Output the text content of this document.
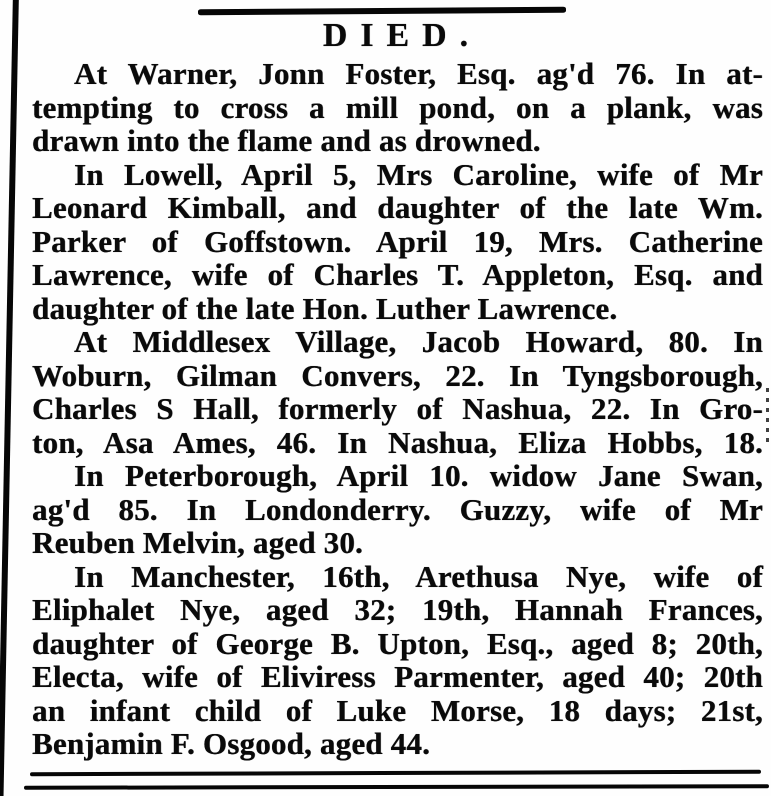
DIED.
At Warner, Jonn Foster, Esq. ag'd 76. In at-
tempting to cross a mill pond, on a plank, was
drawn into the flame and as drowned.
In Lowell, April 5, Mrs Caroline, wife of Mr
Leonard Kimball, and daughter of the late Wm.
Parker of Goffstown. April 19, Mrs. Catherine
Lawrence, wife of Charles T. Appleton, Esq. and
daughter of the late Hon. Luther Lawrence.
At Middlesex Village, Jacob Howard, 80. In
Woburn, Gilman Convers, 22. In Tyngsborough,
Charles S Hall, formerly of Nashua, 22. In Gro-
ton, Asa Ames, 46. In Nashua, Eliza Hobbs, 18.
In Peterborough, April 10. widow Jane Swan,
ag'd 85. In Londonderry. Guzzy, wife of Mr
Reuben Melvin, aged 30.
In Manchester, 16th, Arethusa Nye, wife of
Eliphalet Nye, aged 32; 19th, Hannah Frances,
daughter of George B. Upton, Esq., aged 8; 20th,
Electa, wife of Eliviress Parmenter, aged 40; 20th
an infant child of Luke Morse, 18 days; 21st,
Benjamin F. Osgood, aged 44.
